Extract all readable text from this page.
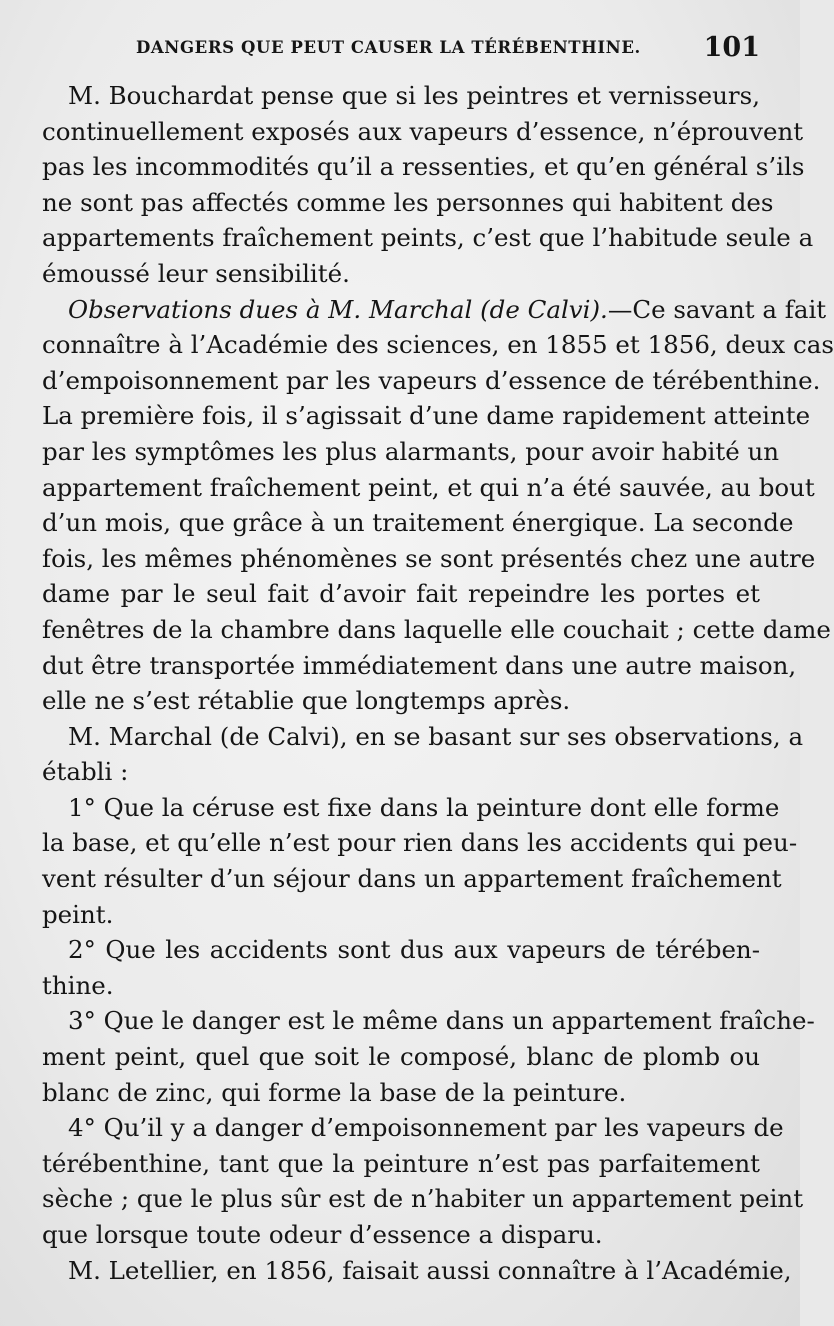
DANGERS QUE PEUT CAUSER LA TÉRÉBENTHINE. 101
M. Bouchardat pense que si les peintres et vernisseurs,
continuellement exposés aux vapeurs d’essence, n’éprouvent
pas les incommodités qu’il a ressenties, et qu’en général s’ils
ne sont pas affectés comme les personnes qui habitent des
appartements fraîchement peints, c’est que l’habitude seule a
émoussé leur sensibilité.
Observations dues à M. Marchal (de Calvi).—Ce savant a fait
connaître à l’Académie des sciences, en 1855 et 1856, deux cas
d’empoisonnement par les vapeurs d’essence de térébenthine.
La première fois, il s’agissait d’une dame rapidement atteinte
par les symptômes les plus alarmants, pour avoir habité un
appartement fraîchement peint, et qui n’a été sauvée, au bout
d’un mois, que grâce à un traitement énergique. La seconde
fois, les mêmes phénomènes se sont présentés chez une autre
dame par le seul fait d’avoir fait repeindre les portes et
fenêtres de la chambre dans laquelle elle couchait ; cette dame
dut être transportée immédiatement dans une autre maison,
elle ne s’est rétablie que longtemps après.
M. Marchal (de Calvi), en se basant sur ses observations, a
établi :
1° Que la céruse est fixe dans la peinture dont elle forme
la base, et qu’elle n’est pour rien dans les accidents qui peu-
vent résulter d’un séjour dans un appartement fraîchement
peint.
2° Que les accidents sont dus aux vapeurs de térében-
thine.
3° Que le danger est le même dans un appartement fraîche-
ment peint, quel que soit le composé, blanc de plomb ou
blanc de zinc, qui forme la base de la peinture.
4° Qu’il y a danger d’empoisonnement par les vapeurs de
térébenthine, tant que la peinture n’est pas parfaitement
sèche ; que le plus sûr est de n’habiter un appartement peint
que lorsque toute odeur d’essence a disparu.
M. Letellier, en 1856, faisait aussi connaître à l’Académie,
